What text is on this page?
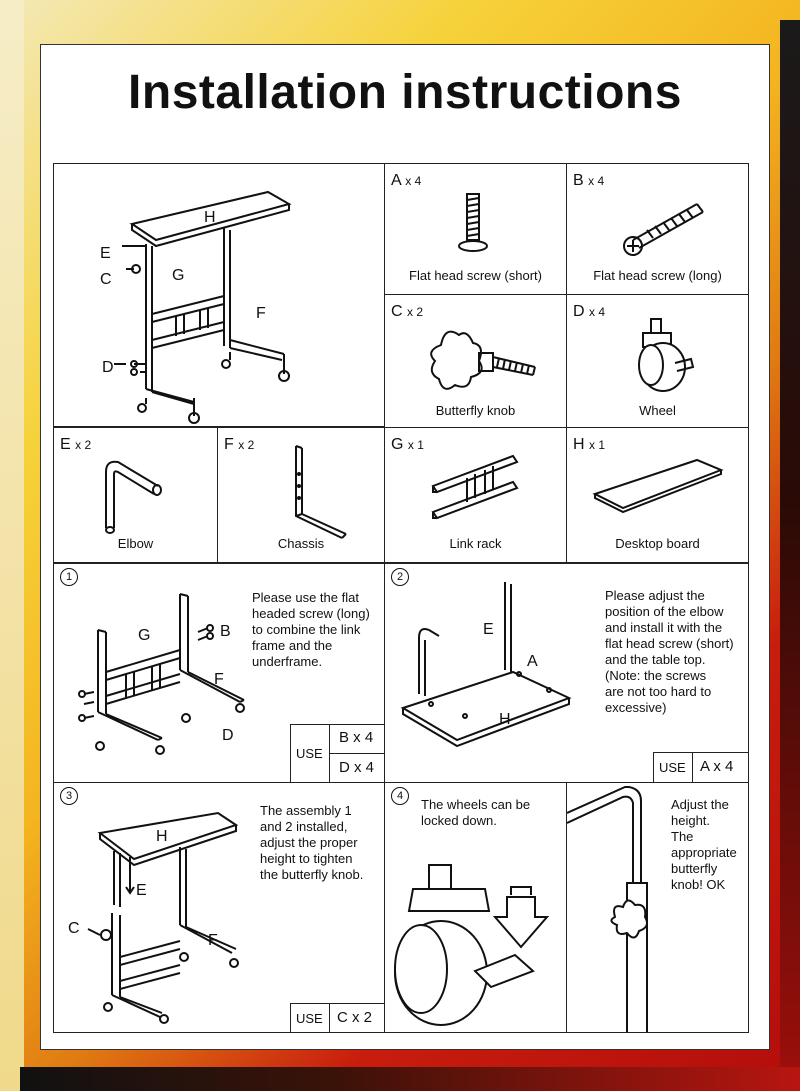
Installation instructions
H
E
C	G
F
D
A x 4
Flat head screw (short)
B x 4
Flat head screw (long)
C x 2
Butterfly knob
D x 4
Wheel
E x 2
Elbow
F x 2
Chassis
G x 1
Link rack
H x 1
Desktop board
1
G	B
F
D
Please use the flat
headed screw (long)
to combine the link
frame and the
underframe.
USE
B x 4
D x 4
2
E
A
H
Please adjust the
position of the elbow
and install it with the
flat head screw (short)
and the table top.
(Note: the screws
are not too hard to
excessive)
USE A x 4
3
H
E
C
F
The assembly 1
and 2 installed,
adjust the proper
height to tighten
the butterfly knob.
USE C x 2
4
The wheels can be
locked down.
Adjust the
height.
The
appropriate
butterfly
knob! OK
